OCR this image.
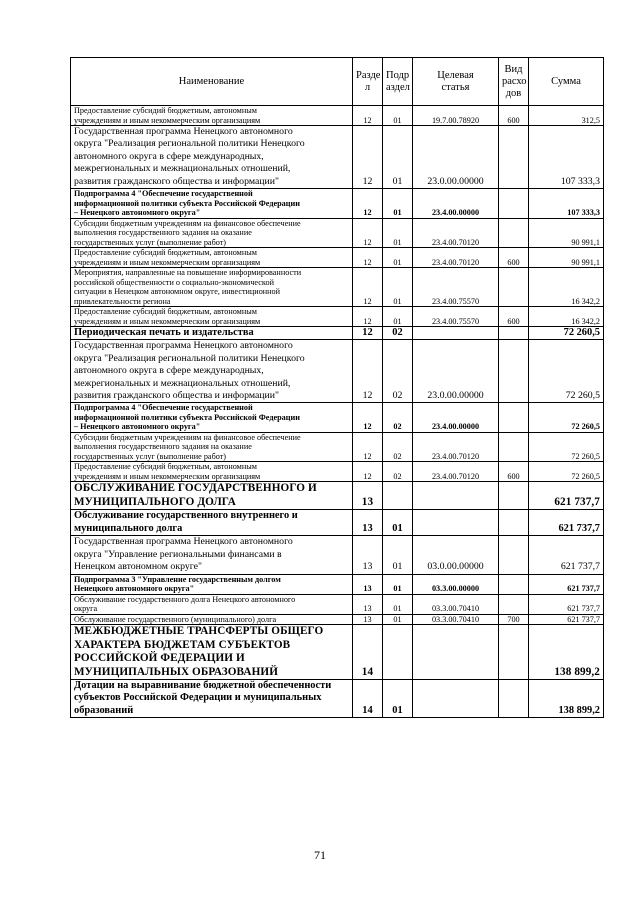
Наименование	Разде
л	Подр
аздел	Целевая
статья	Вид
расхо
дов	Сумма
Предоставление субсидий бюджетным, автономным
учреждениям и иным некоммерческим организациям	12	01	19.7.00.78920	600	312,5
Государственная программа Ненецкого автономного
округа "Реализация региональной политики Ненецкого
автономного округа в сфере международных,
межрегиональных и межнациональных отношений,
развития гражданского общества и информации"	12	01	23.0.00.00000		107 333,3
Подпрограмма 4 "Обеспечение государственной
информационной политики субъекта Российской Федерации
– Ненецкого автономного округа"	12	01	23.4.00.00000		107 333,3
Субсидии бюджетным учреждениям на финансовое обеспечение
выполнения государственного задания на оказание
государственных услуг (выполнение работ)	12	01	23.4.00.70120		90 991,1
Предоставление субсидий бюджетным, автономным
учреждениям и иным некоммерческим организациям	12	01	23.4.00.70120	600	90 991,1
Мероприятия, направленные на повышение информированности
российской общественности о социально-экономической
ситуации в Ненецком автономном округе, инвестиционной
привлекательности региона	12	01	23.4.00.75570		16 342,2
Предоставление субсидий бюджетным, автономным
учреждениям и иным некоммерческим организациям	12	01	23.4.00.75570	600	16 342,2
Периодическая печать и издательства	12	02			72 260,5
Государственная программа Ненецкого автономного
округа "Реализация региональной политики Ненецкого
автономного округа в сфере международных,
межрегиональных и межнациональных отношений,
развития гражданского общества и информации"	12	02	23.0.00.00000		72 260,5
Подпрограмма 4 "Обеспечение государственной
информационной политики субъекта Российской Федерации
– Ненецкого автономного округа"	12	02	23.4.00.00000		72 260,5
Субсидии бюджетным учреждениям на финансовое обеспечение
выполнения государственного задания на оказание
государственных услуг (выполнение работ)	12	02	23.4.00.70120		72 260,5
Предоставление субсидий бюджетным, автономным
учреждениям и иным некоммерческим организациям	12	02	23.4.00.70120	600	72 260,5
ОБСЛУЖИВАНИЕ ГОСУДАРСТВЕННОГО И
МУНИЦИПАЛЬНОГО ДОЛГА	13				621 737,7
Обслуживание государственного внутреннего и
муниципального долга	13	01			621 737,7
Государственная программа Ненецкого автономного
округа "Управление региональными финансами в
Ненецком автономном округе"	13	01	03.0.00.00000		621 737,7
Подпрограмма 3 "Управление государственным долгом
Ненецкого автономного округа"	13	01	03.3.00.00000		621 737,7
Обслуживание государственного долга Ненецкого автономного
округа	13	01	03.3.00.70410		621 737,7
Обслуживание государственного (муниципального) долга	13	01	03.3.00.70410	700	621 737,7
МЕЖБЮДЖЕТНЫЕ ТРАНСФЕРТЫ ОБЩЕГО
ХАРАКТЕРА БЮДЖЕТАМ СУБЪЕКТОВ
РОССИЙСКОЙ ФЕДЕРАЦИИ И
МУНИЦИПАЛЬНЫХ ОБРАЗОВАНИЙ	14				138 899,2
Дотации на выравнивание бюджетной обеспеченности
субъектов Российской Федерации и муниципальных
образований	14	01			138 899,2
71
